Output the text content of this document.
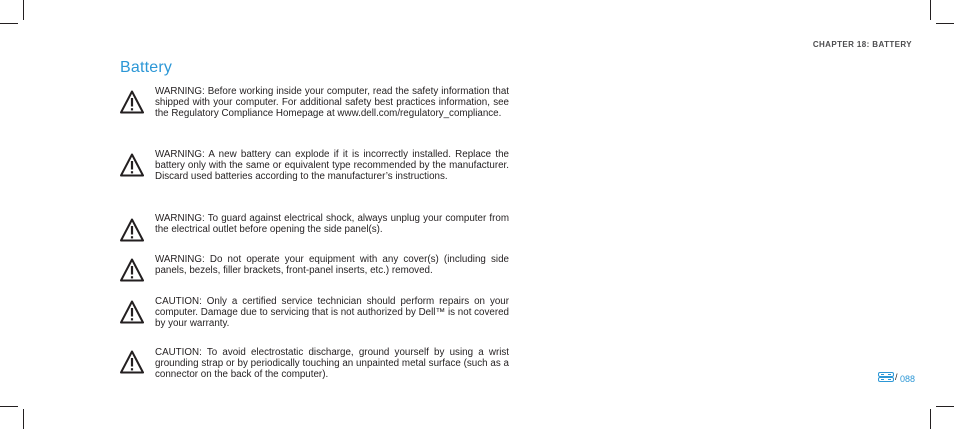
CHAPTER 18: BATTERY
Battery
WARNING: Before working inside your computer, read the safety information that shipped with your computer. For additional safety best practices information, see the Regulatory Compliance Homepage at www.dell.com/regulatory_compliance.
WARNING: A new battery can explode if it is incorrectly installed. Replace the battery only with the same or equivalent type recommended by the manufacturer. Discard used batteries according to the manufacturer’s instructions.
WARNING: To guard against electrical shock, always unplug your computer from the electrical outlet before opening the side panel(s).
WARNING: Do not operate your equipment with any cover(s) (including side panels, bezels, filler brackets, front-panel inserts, etc.) removed.
CAUTION: Only a certified service technician should perform repairs on your computer. Damage due to servicing that is not authorized by Dell™ is not covered by your warranty.
CAUTION: To avoid electrostatic discharge, ground yourself by using a wrist grounding strap or by periodically touching an unpainted metal surface (such as a connector on the back of the computer).	/ 088
